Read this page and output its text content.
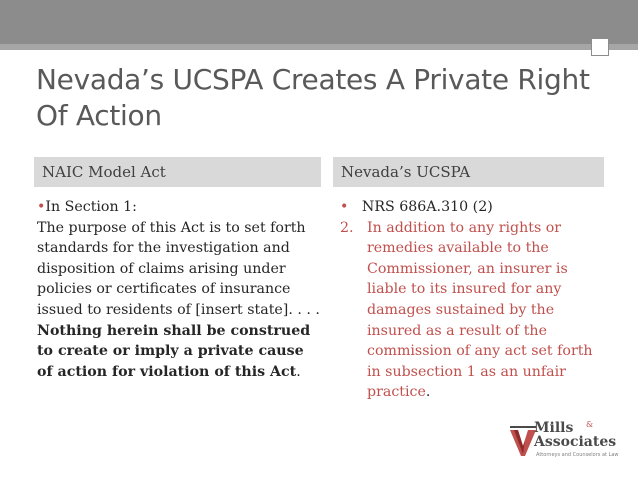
Nevada’s UCSPA Creates A Private Right Of Action
NAIC Model Act	Nevada’s UCSPA

•In Section 1:

The purpose of this Act is to set forth standards for the investigation and disposition of claims arising under policies or certificates of insurance issued to residents of [insert state]. . . . Nothing herein shall be construed to create or imply a private cause of action for violation of this Act.

• NRS 686A.310 (2)

2. In addition to any rights or remedies available to the Commissioner, an insurer is liable to its insured for any damages sustained by the insured as a result of the commission of any act set forth in subsection 1 as an unfair practice.

Mills &
Associates
Attorneys and Counselors at Law
